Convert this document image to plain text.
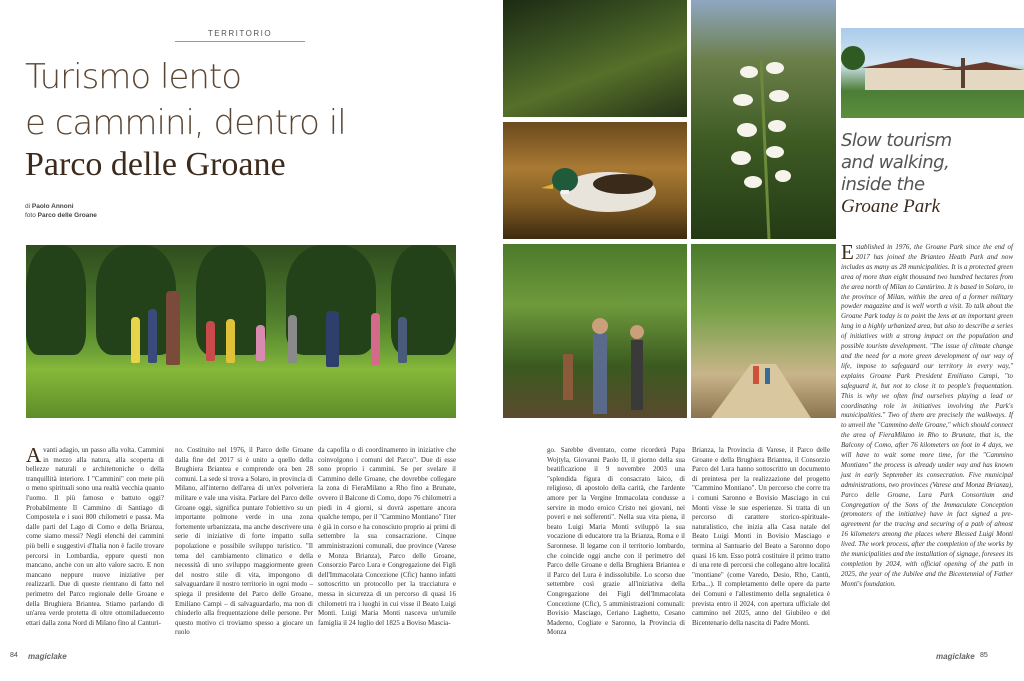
TERRITORIO
Turismo lento
e cammini, dentro il
Parco delle Groane
di Paolo Annoni
foto Parco delle Groane
A vanti adagio, un passo alla volta. Cammini in mezzo alla natura, alla scoperta di bellezze naturali e architettoniche o della tranquillità interiore. I "Cammini" con mete più o meno spirituali sono una realtà vecchia quanto l'uomo. Il più famoso e battuto oggi? Probabilmente Il Cammino di Santiago di Compostela e i suoi 800 chilometri e passa. Ma dalle parti del Lago di Como e della Brianza, come siamo messi? Negli elenchi dei cammini più belli e suggestivi d'Italia non è facile trovare percorsi in Lombardia, eppure questi non mancano, anche con un alto valore sacro. E non mancano neppure nuove iniziative per realizzarli. Due di queste rientrano di fatto nel perimetro del Parco regionale delle Groane e della Brughiera Briantea. Stiamo parlando di un'area verde protetta di oltre ottomiladuecento ettari dalla zona Nord di Milano fino al Canturi-
no. Costituito nel 1976, il Parco delle Groane dalla fine del 2017 si è unito a quello della Brughiera Briantea e comprende ora ben 28 comuni. La sede si trova a Solaro, in provincia di Milano, all'interno dell'area di un'ex polveriera militare e vale una visita. Parlare del Parco delle Groane oggi, significa puntare l'obiettivo su un importante polmone verde in una zona fortemente urbanizzata, ma anche descrivere una serie di iniziative di forte impatto sulla popolazione e possibile sviluppo turistico. "Il tema del cambiamento climatico e della necessità di uno sviluppo maggiormente green del nostro stile di vita, impongono di salvaguardare il nostro territorio in ogni modo – spiega il presidente del Parco delle Groane, Emiliano Campi – di salvaguardarlo, ma non di chiuderlo alla frequentazione delle persone. Per questo motivo ci troviamo spesso a giocare un ruolo
da capofila o di coordinamento in iniziative che coinvolgono i comuni del Parco". Due di esse sono proprio i cammini. Se per svelare il Cammino delle Groane, che dovrebbe collegare la zona di FieraMilano a Rho fino a Brunate, ovvero il Balcone di Como, dopo 76 chilometri a piedi in 4 giorni, si dovrà aspettare ancora qualche tempo, per il "Cammino Montiano" l'iter è già in corso e ha conosciuto proprio ai primi di settembre la sua consacrazione. Cinque amministrazioni comunali, due province (Varese e Monza Brianza), Parco delle Groane, Consorzio Parco Lura e Congregazione dei Figli dell'Immacolata Concezione (Cfic) hanno infatti sottoscritto un protocollo per la tracciatura e messa in sicurezza di un percorso di quasi 16 chilometri tra i luoghi in cui visse il Beato Luigi Monti. Luigi Maria Monti nasceva un'umile famiglia il 24 luglio del 1825 a Boviso Mascia-
84 magiclake
Slow tourism
and walking,
inside the
Groane Park
go. Sarebbe diventato, come ricorderà Papa Wojtyla, Giovanni Paolo II, il giorno della sua beatificazione il 9 novembre 2003 una "splendida figura di consacrato laico, di religioso, di apostolo della carità, che l'ardente amore per la Vergine Immacolata condusse a servire in modo eroico Cristo nei giovani, nei poveri e nei sofferenti". Nella sua vita piena, il beato Luigi Maria Monti sviluppò la sua vocazione di educatore tra la Brianza, Roma e il Saronnese. Il legame con il territorio lombardo, che coincide oggi anche con il perimetro del Parco delle Groane e della Brughiera Briantea e il Parco del Lura è indissolubile. Lo scorso due settembre così grazie all'iniziativa della Congregazione dei Figli dell'Immacolata Concezione (Cfic), 5 amministrazioni comunali: Bovisio Masciago, Ceriano Laghetto, Cesano Maderno, Cogliate e Saronno, la Provincia di Monza
Brianza, la Provincia di Varese, il Parco delle Groane e della Brughiera Briantea, il Consorzio Parco del Lura hanno sottoscritto un documento di preintesa per la realizzazione del progetto "Cammino Montiano". Un percorso che corre tra i comuni Saronno e Bovisio Masciago in cui Monti visse le sue esperienze. Si tratta di un percorso di carattere storico-spirituale-naturalistico, che inizia alla Casa natale del Beato Luigi Monti in Bovisio Masciago e termina al Santuario del Beato a Saronno dopo quasi 16 km. Esso potrà costituire il primo tratto di una rete di percorsi che collegano altre località "montiane" (come Varedo, Desio, Rho, Cantù, Erba...). Il completamento delle opere da parte dei Comuni e l'allestimento della segnaletica è prevista entro il 2024, con apertura ufficiale del cammino nel 2025, anno del Giubileo e del Bicentenario della nascita di Padre Monti.
E stablished in 1976, the Groane Park since the end of 2017 has joined the Brianteo Heath Park and now includes as many as 28 municipalities. It is a protected green area of more than eight thousand two hundred hectares from the area north of Milan to Cantùrino. It is based in Solaro, in the province of Milan, within the area of a former military powder magazine and is well worth a visit. To talk about the Groane Park today is to point the lens at an important green lung in a highly urbanized area, but also to describe a series of initiatives with a strong impact on the population and possible tourism development. "The issue of climate change and the need for a more green development of our way of life, impose to safeguard our territory in every way," explains Groane Park President Emiliano Campi, "to safeguard it, but not to close it to people's frequentation. This is why we often find ourselves playing a lead or coordinating role in initiatives involving the Park's municipalities." Two of them are precisely the walkways. If to unveil the "Cammino delle Groane," which should connect the area of FieraMilano in Rho to Brunate, that is, the Balcony of Como, after 76 kilometers on foot in 4 days, we will have to wait some more time, for the "Cammino Montiano" the process is already under way and has known just in early September its consecration. Five municipal administrations, two provinces (Varese and Monza Brianza), Parco delle Groane, Lura Park Consortium and Congregation of the Sons of the Immaculate Conception (promoters of the initiative) have in fact signed a pre-agreement for the tracing and securing of a path of almost 16 kilometers among the places where Blessed Luigi Monti lived. The work process, after the completion of the works by the municipalities and the installation of signage, foresees its completion by 2024, with official opening of the path in 2025, the year of the Jubilee and the Bicentennial of Father Monti's foundation.
magiclake 85
